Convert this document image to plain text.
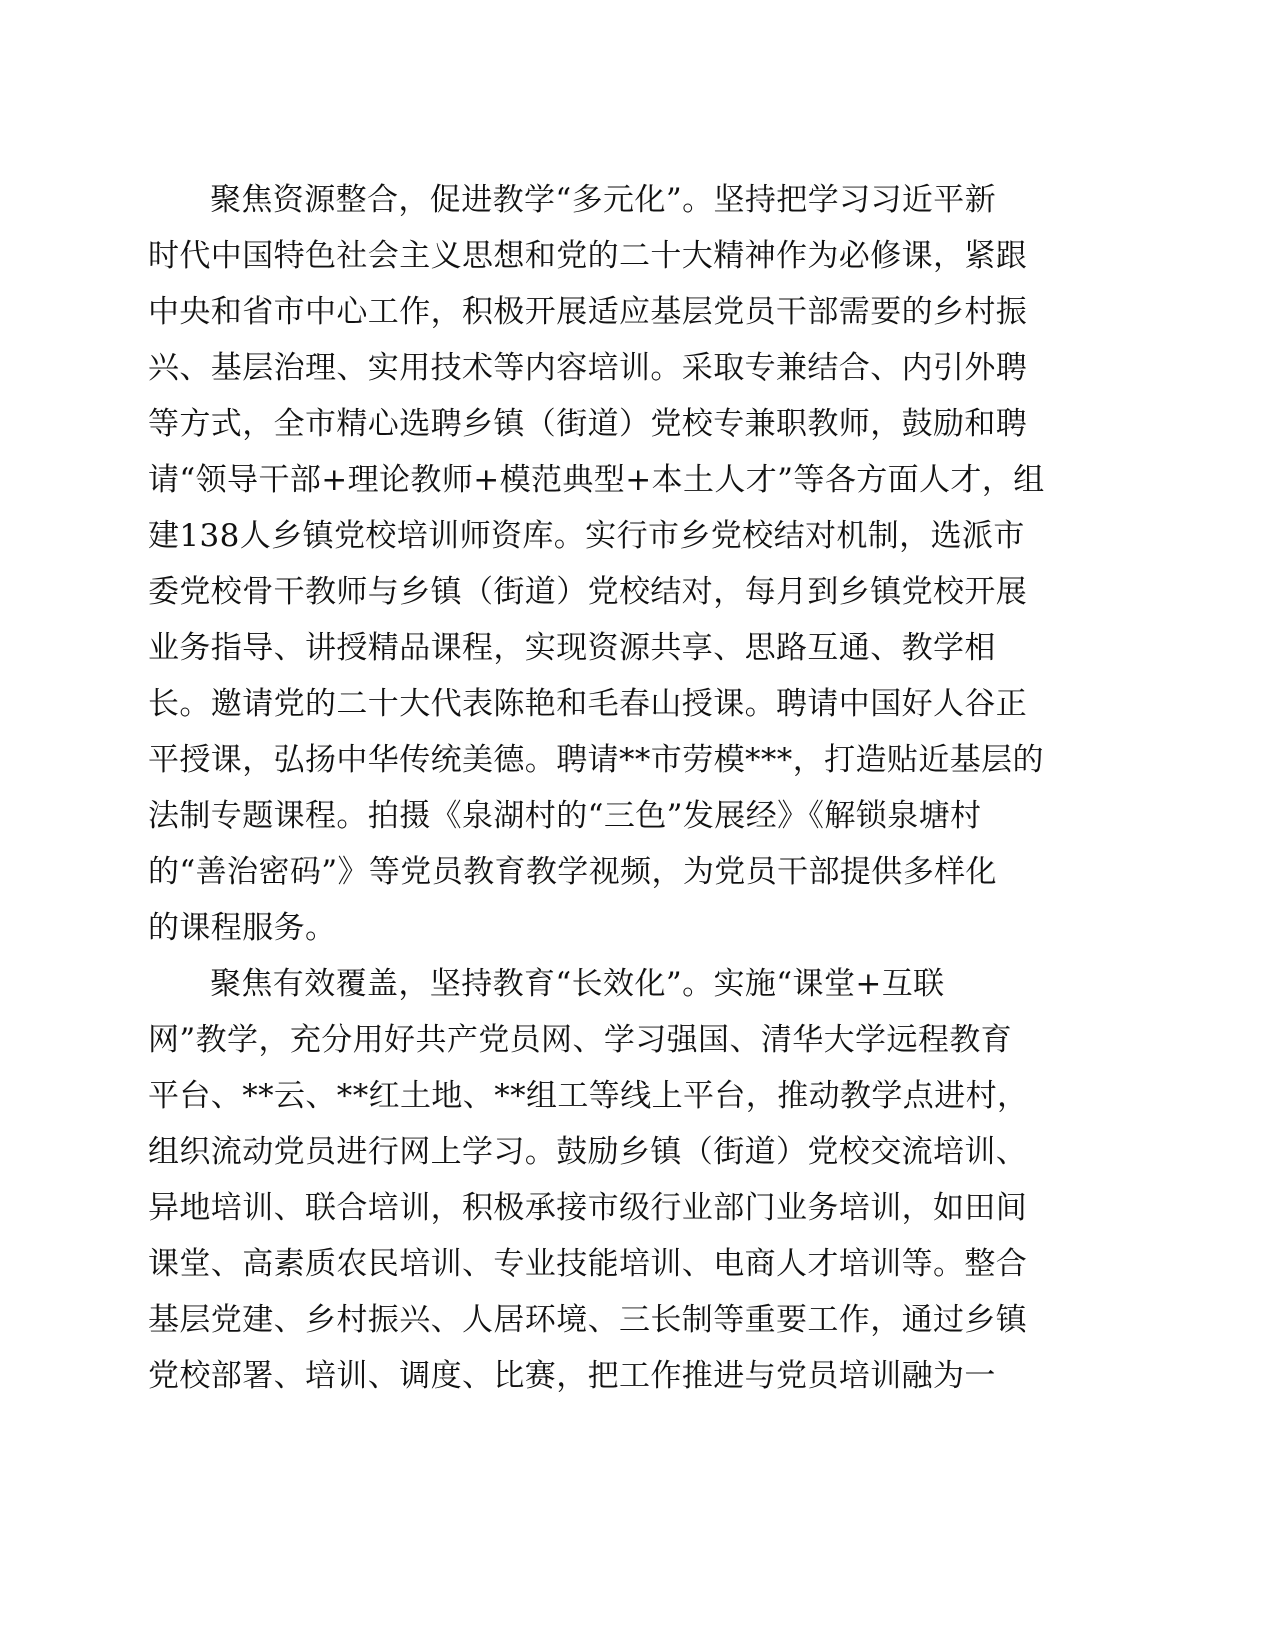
聚焦资源整合，促进教学“多元化”。坚持把学习习近平新
时代中国特色社会主义思想和党的二十大精神作为必修课，紧跟
中央和省市中心工作，积极开展适应基层党员干部需要的乡村振
兴、基层治理、实用技术等内容培训。采取专兼结合、内引外聘
等方式，全市精心选聘乡镇（街道）党校专兼职教师，鼓励和聘
请“领导干部+理论教师+模范典型+本土人才”等各方面人才，组
建138人乡镇党校培训师资库。实行市乡党校结对机制，选派市
委党校骨干教师与乡镇（街道）党校结对，每月到乡镇党校开展
业务指导、讲授精品课程，实现资源共享、思路互通、教学相
长。邀请党的二十大代表陈艳和毛春山授课。聘请中国好人谷正
平授课，弘扬中华传统美德。聘请**市劳模***，打造贴近基层的
法制专题课程。拍摄《泉湖村的“三色”发展经》《解锁泉塘村
的“善治密码”》等党员教育教学视频，为党员干部提供多样化
的课程服务。
聚焦有效覆盖，坚持教育“长效化”。实施“课堂+互联
网”教学，充分用好共产党员网、学习强国、清华大学远程教育
平台、**云、**红土地、**组工等线上平台，推动教学点进村，
组织流动党员进行网上学习。鼓励乡镇（街道）党校交流培训、
异地培训、联合培训，积极承接市级行业部门业务培训，如田间
课堂、高素质农民培训、专业技能培训、电商人才培训等。整合
基层党建、乡村振兴、人居环境、三长制等重要工作，通过乡镇
党校部署、培训、调度、比赛，把工作推进与党员培训融为一
